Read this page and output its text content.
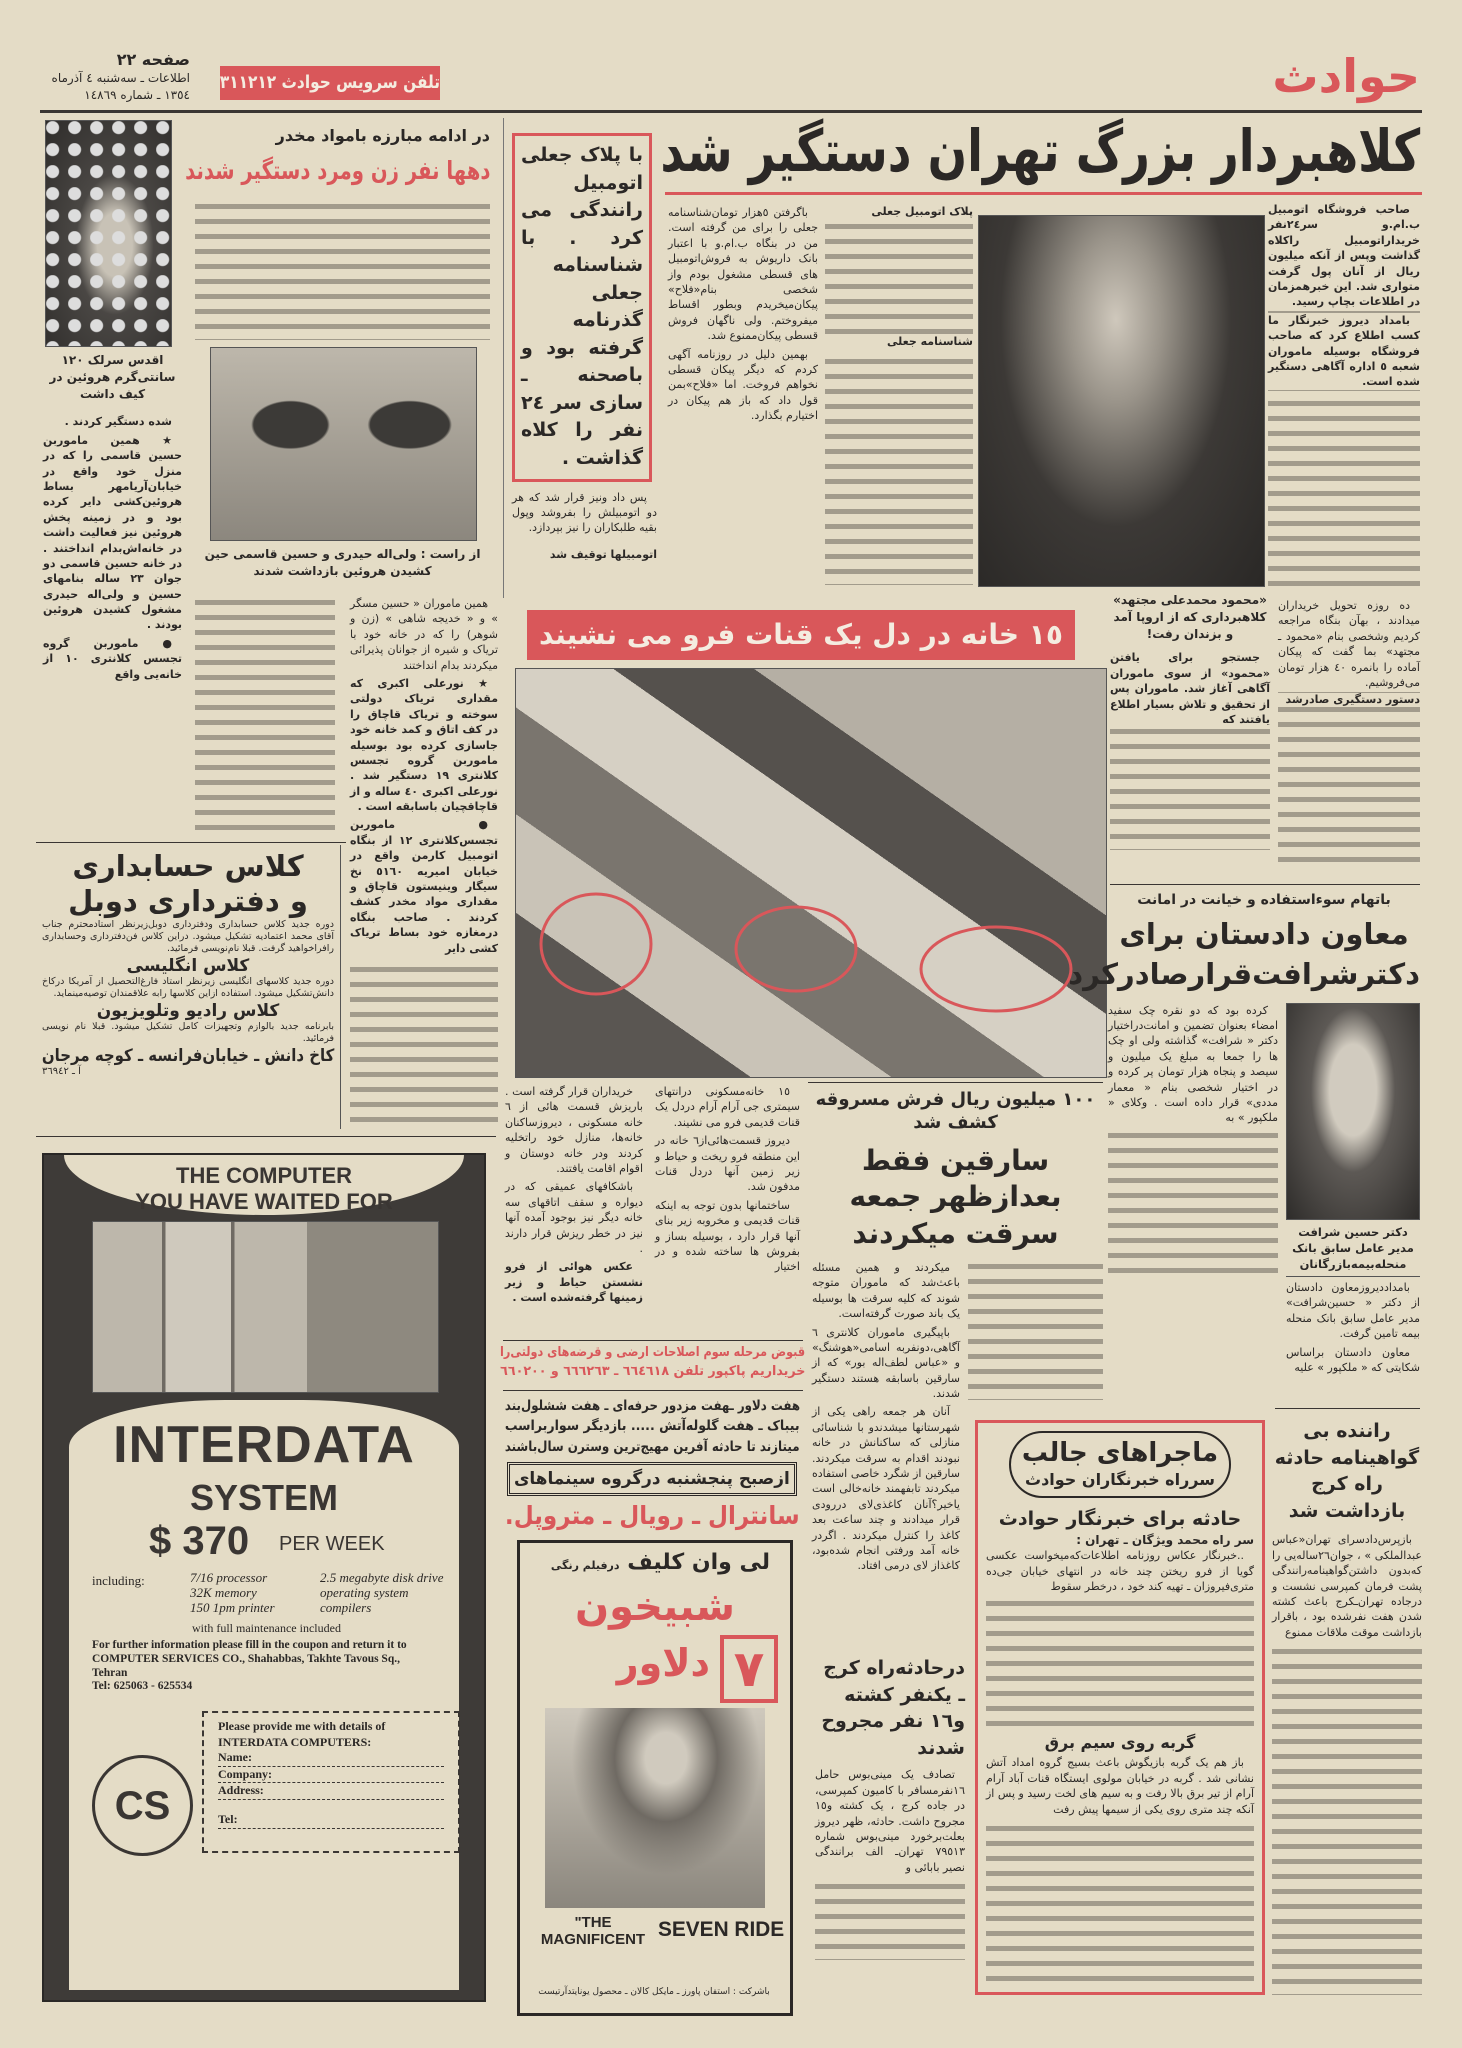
حوادث
تلفن سرویس حوادث ۳۱۱۲۱۲
صفحه ۲۲
اطلاعات ـ سه‌شنبه ٤ آذرماه
۱۳٥٤ ـ شماره ۱٤۸٦۹
کلاهبردار بزرگ تهران دستگیر شد

صاحب فروشگاه اتومبیل ب.ام.و سر۲٤نفر خریداراتومبیل راکلاه گذاشت وپس از آنکه میلیون ریال از آنان پول گرفت متواری شد. این خبرهمزمان در اطلاعات بچاپ رسید.

بامداد دیروز خبرنگار ما کسب اطلاع کرد که صاحب فروشگاه بوسیله ماموران شعبه ٥ اداره آگاهی دستگیر شده است.

«محمود محمدعلی مجتهد» کلاهبرداری که از اروپا آمد و بزندان رفت!

جستجو برای یافتن «محمود» از سوی ماموران آگاهی آغاز شد. ماموران پس از تحقیق و تلاش بسیار اطلاع یافتند که

ده روزه تحویل خریداران میدادند ، بهآن بنگاه مراجعه کردیم وشخصی بنام «محمود ـ مجتهد» بما گفت که پیکان آماده را بانمره ٤٠ هزار تومان می‌فروشیم.

دستور دستگیری صادرشد

پلاک اتومبیل جعلی

شناسنامه جعلی

باگرفتن ٥هزار تومان‌شناسنامه جعلی را برای من گرفته است. من در بنگاه ب.ام.و با اعتبار بانک داریوش به فروش‌اتومبیل های قسطی مشغول بودم واز شخصی بنام«فلاح» پیکان‌میخریدم وبطور اقساط میفروختم. ولی ناگهان فروش قسطی پیکان‌ممنوع شد.

بهمین دلیل در روزنامه آگهی کردم که دیگر پیکان قسطی نخواهم فروخت. اما «فلاح»بمن قول داد که باز هم پیکان در اختیارم بگذارد.

با پلاک جعلی اتومبیل رانندگی می کرد . با شناسنامه جعلی گذرنامه گرفته بود و باصحنه ـ سازی سر ٢٤ نفر را کلاه گذاشت .

پس داد ونیز قرار شد که هر دو اتومبیلش را بفروشد وپول بقیه طلبکاران را نیز بپردازد.

اتومبیلها توقیف شد

اقدس سرلک ۱۲۰ سانتی‌گرم هروئین در کیف داشت

شده دستگیر کردند .

★ همین ماموربن حسین قاسمی را که در منزل خود واقع در خیابان‌آریامهر بساط هروئین‌کشی دایر کرده بود و در زمینه پخش هروئین نیز فعالیت داشت در خانه‌اش‌بدام انداختند . در خانه حسین قاسمی دو جوان ۲۳ ساله بنامهای حسین و ولی‌اله حیدری مشغول کشیدن هروئین بودند .

● ماموربن گروه تجسس کلانتری ۱۰ از خانه‌یی واقع

در ادامه مبارزه بامواد مخدر
دهها نفر زن ومرد دستگیر شدند
از راست : ولی‌اله حیدری و حسین قاسمی حین کشیدن هروئین بازداشت شدند

همین ماموران « حسین مسگر » و « خدیجه شاهی » (زن و شوهر) را که در خانه خود با تریاک و شیره از جوانان پذیرائی میکردند بدام انداختند

★ نورعلی اکبری که مقداری تریاک دولتی سوخته و تریاک قاچاق را در کف اتاق و کمد خانه خود جاسازی کرده بود بوسیله ماموربن گروه تجسس کلانتری ۱۹ دستگیر شد . نورعلی اکبری ٤٠ ساله و از قاچاقچیان باسابقه است .

● ماموربن تجسس‌کلانتری ۱۲ از بنگاه اتومبیل کارمن واقع در خیابان امیریه ٥١٦٠ نخ سیگار وینیستون قاچاق و مقداری مواد مخدر کشف کردند . صاحب بنگاه درمغازه خود بساط تریاک کشی دایر

کلاس حسابداری
و دفترداری دوبل
دوره جدید کلاس حسابداری ودفترداری دوبل‌زیرنظر استادمحترم جناب آقای محمد اعتمادیه تشکیل میشود. دراین کلاس فن‌دفترداری وحسابداری رافراخواهید گرفت. قبلا نام‌نویسی فرمائید.
کلاس انگلیسی
دوره جدید کلاسهای انگلیسی زیرنظر استاد فارغ‌التحصیل از آمریکا درکاخ دانش‌تشکیل میشود. استفاده ازاین کلاسها رابه علاقمندان توصیه‌مینماید.
کلاس رادیو وتلویزیون
بابرنامه جدید بالوازم وتجهیزات کامل تشکیل میشود. قبلا نام نویسی فرمائید.
کاخ دانش ـ خیابان‌فرانسه ـ کوچه مرجان
آ ـ ٣٦٩٤٢
THE COMPUTER
YOU HAVE WAITED FOR
INTERDATA
SYSTEM
$ 370 PER WEEK
including:	7/16 processor
32K memory
150 1pm printer
2.5 megabyte disk drive
operating system
compilers
with full maintenance included
For further information please fill in the coupon and return it to
COMPUTER SERVICES CO., Shahabbas, Takhte Tavous Sq.,
Tehran
Tel: 625063 - 625534
CS
Please provide me with details of
INTERDATA COMPUTERS:
Name:
Company:
Address:
Tel:
١٥ خانه در دل یک قنات فرو می نشیند

١٥ خانه‌مسکونی درانتهای سیمتری جی آرام آرام دردل یک قنات قدیمی فرو می نشیند.

دیروز قسمت‌هائی‌از٦ خانه در این منطقه فرو ریخت و حیاط و زیر زمین آنها دردل قنات مدفون شد.

ساختمانها بدون توجه به اینکه قنات قدیمی و مخروبه زیر بنای آنها قرار دارد ، بوسیله بساز و بفروش ها ساخته شده و در اختیار

خریداران قرار گرفته است . باریزش قسمت هائی از ٦ خانه مسکونی ، دیروزساکنان خانه‌ها، منازل خود راتخلیه کردند ودر خانه دوستان و اقوام اقامت یافتند.

باشکافهای عمیقی که در دیواره و سقف اتاقهای سه خانه دیگر نیز بوجود آمده آنها نیز در خطر ریزش قرار دارند .

عکس هوائی از فرو نشستن حیاط و زیر زمینها گرفته‌شده است .

قبوض مرحله سوم اصلاحات ارضی و قرضه‌های دولتی‌را
خریداریم پاکپور تلفن ٦٦٤٦١٨ ـ ٦٦٦٢٦٣ و ٦٦٠٢٠٠
هفت دلاور ـهفت مزدور حرفه‌ای ـ هفت ششلول‌بند
بیباک ـ هفت گلوله‌آتش ..... بازدیگر سواربراسب
میتازند تا حادثه آفرین مهیج‌ترین وسترن سال‌باشند
ازصبح پنجشنبه درگروه سینماهای
سانترال ـ رویال ـ متروپل.
لی وان کلیف درفیلم رنگی
شبیخون
٧
دلاور
"THE MAGNIFICENT SEVEN RIDE
باشرکت : استفان پاورز ـ مایکل کالان ـ محصول یونایتدآرتیست
١٠٠ میلیون ریال فرش مسروقه کشف شد
سارقین فقط بعدازظهر جمعه سرقت میکردند

میکردند و همین مسئله باعث‌شد که ماموران متوجه شوند که کلیه سرقت ها بوسیله یک باند صورت گرفته‌است.

باپیگیری ماموران کلانتری ٦ آگاهی،دونفربه اسامی«هوشنگ» و «عباس لطف‌اله بور» که از سارقین باسابقه هستند دستگیر شدند.

آنان هر جمعه راهی یکی از شهرستانها میشدندو با شناسائی منازلی که ساکنانش در خانه نبودند اقدام به سرقت میکردند. سارقین از شگرد خاصی استفاده میکردند تابفهمند خانه‌خالی است یاخیر؟آنان کاغذی‌لای دررودی قرار میدادند و چند ساعت بعد کاغذ را کنترل میکردند . اگردر خانه آمد ورفتی انجام شده‌بود، کاغذاز لای درمی افتاد.

درحادثه‌راه کرج ـ یکنفر کشته و١٦ نفر مجروح شدند

تصادف یک مینی‌بوس حامل ١٦نفرمسافر با کامیون کمپرسی، در جاده کرج ، یک کشته و١٥ مجروح داشت. حادثه، ظهر دیروز بعلت‌برخورد مینی‌بوس شماره ٧٩٥١٣ تهران‌ـ الف برانندگی نصیر بابائی و

باتهام سوءاستفاده و خیانت در امانت
معاون دادستان برای دکترشرافت‌قرارصادرکرد
دکتر حسین شرافت مدیر عامل سابق بانک منحله‌بیمه‌بازرگانان

بامداددیروزمعاون دادستان از دکتر « حسین‌شرافت» مدیر عامل سابق بانک منحله بیمه تامین گرفت.

معاون دادستان براساس شکایتی که « ملکپور » علیه

کرده بود که دو نقره چک سفید امضاء بعنوان تضمین و امانت‌دراختیار دکتر « شرافت» گذاشته ولی او چک ها را جمعا به مبلغ یک میلیون و سیصد و پنجاه هزار تومان پر کرده و در اختیار شخصی بنام « معمار مددی» قرار داده است . وکلای « ملکپور » به

ماجراهای جالب
سرراه خبرنگاران حوادث
حادثه برای خبرنگار حوادث
سر راه محمد ویژگان ـ تهران :

..خبرنگار عکاس روزنامه اطلاعات‌که‌میخواست عکسی گویا از فرو ریختن چند خانه در انتهای خیابان جی‌ده متری‌فیروزان ـ تهیه کند خود ، درخطر سقوط

گربه روی سیم برق

باز هم یک گربه بازیگوش باعث بسیج گروه امداد آتش نشانی شد . گربه در خیابان مولوی ایستگاه قنات آباد آرام آرام از تیر برق بالا رفت و به سیم های لخت رسید و پس از آنکه چند متری روی یکی از سیمها پیش رفت

راننده بی گواهینامه حادثه راه کرج بازداشت شد

بازپرس‌دادسرای تهران«عباس عبدالملکی » ، جوان٢٦ساله‌یی را که‌بدون داشتن‌گواهینامه‌رانندگی پشت فرمان کمپرسی نشست و درجاده تهران‌ـکرج باعث کشته شدن هفت نفرشده بود ، باقرار بازداشت موقت ملاقات ممنوع
